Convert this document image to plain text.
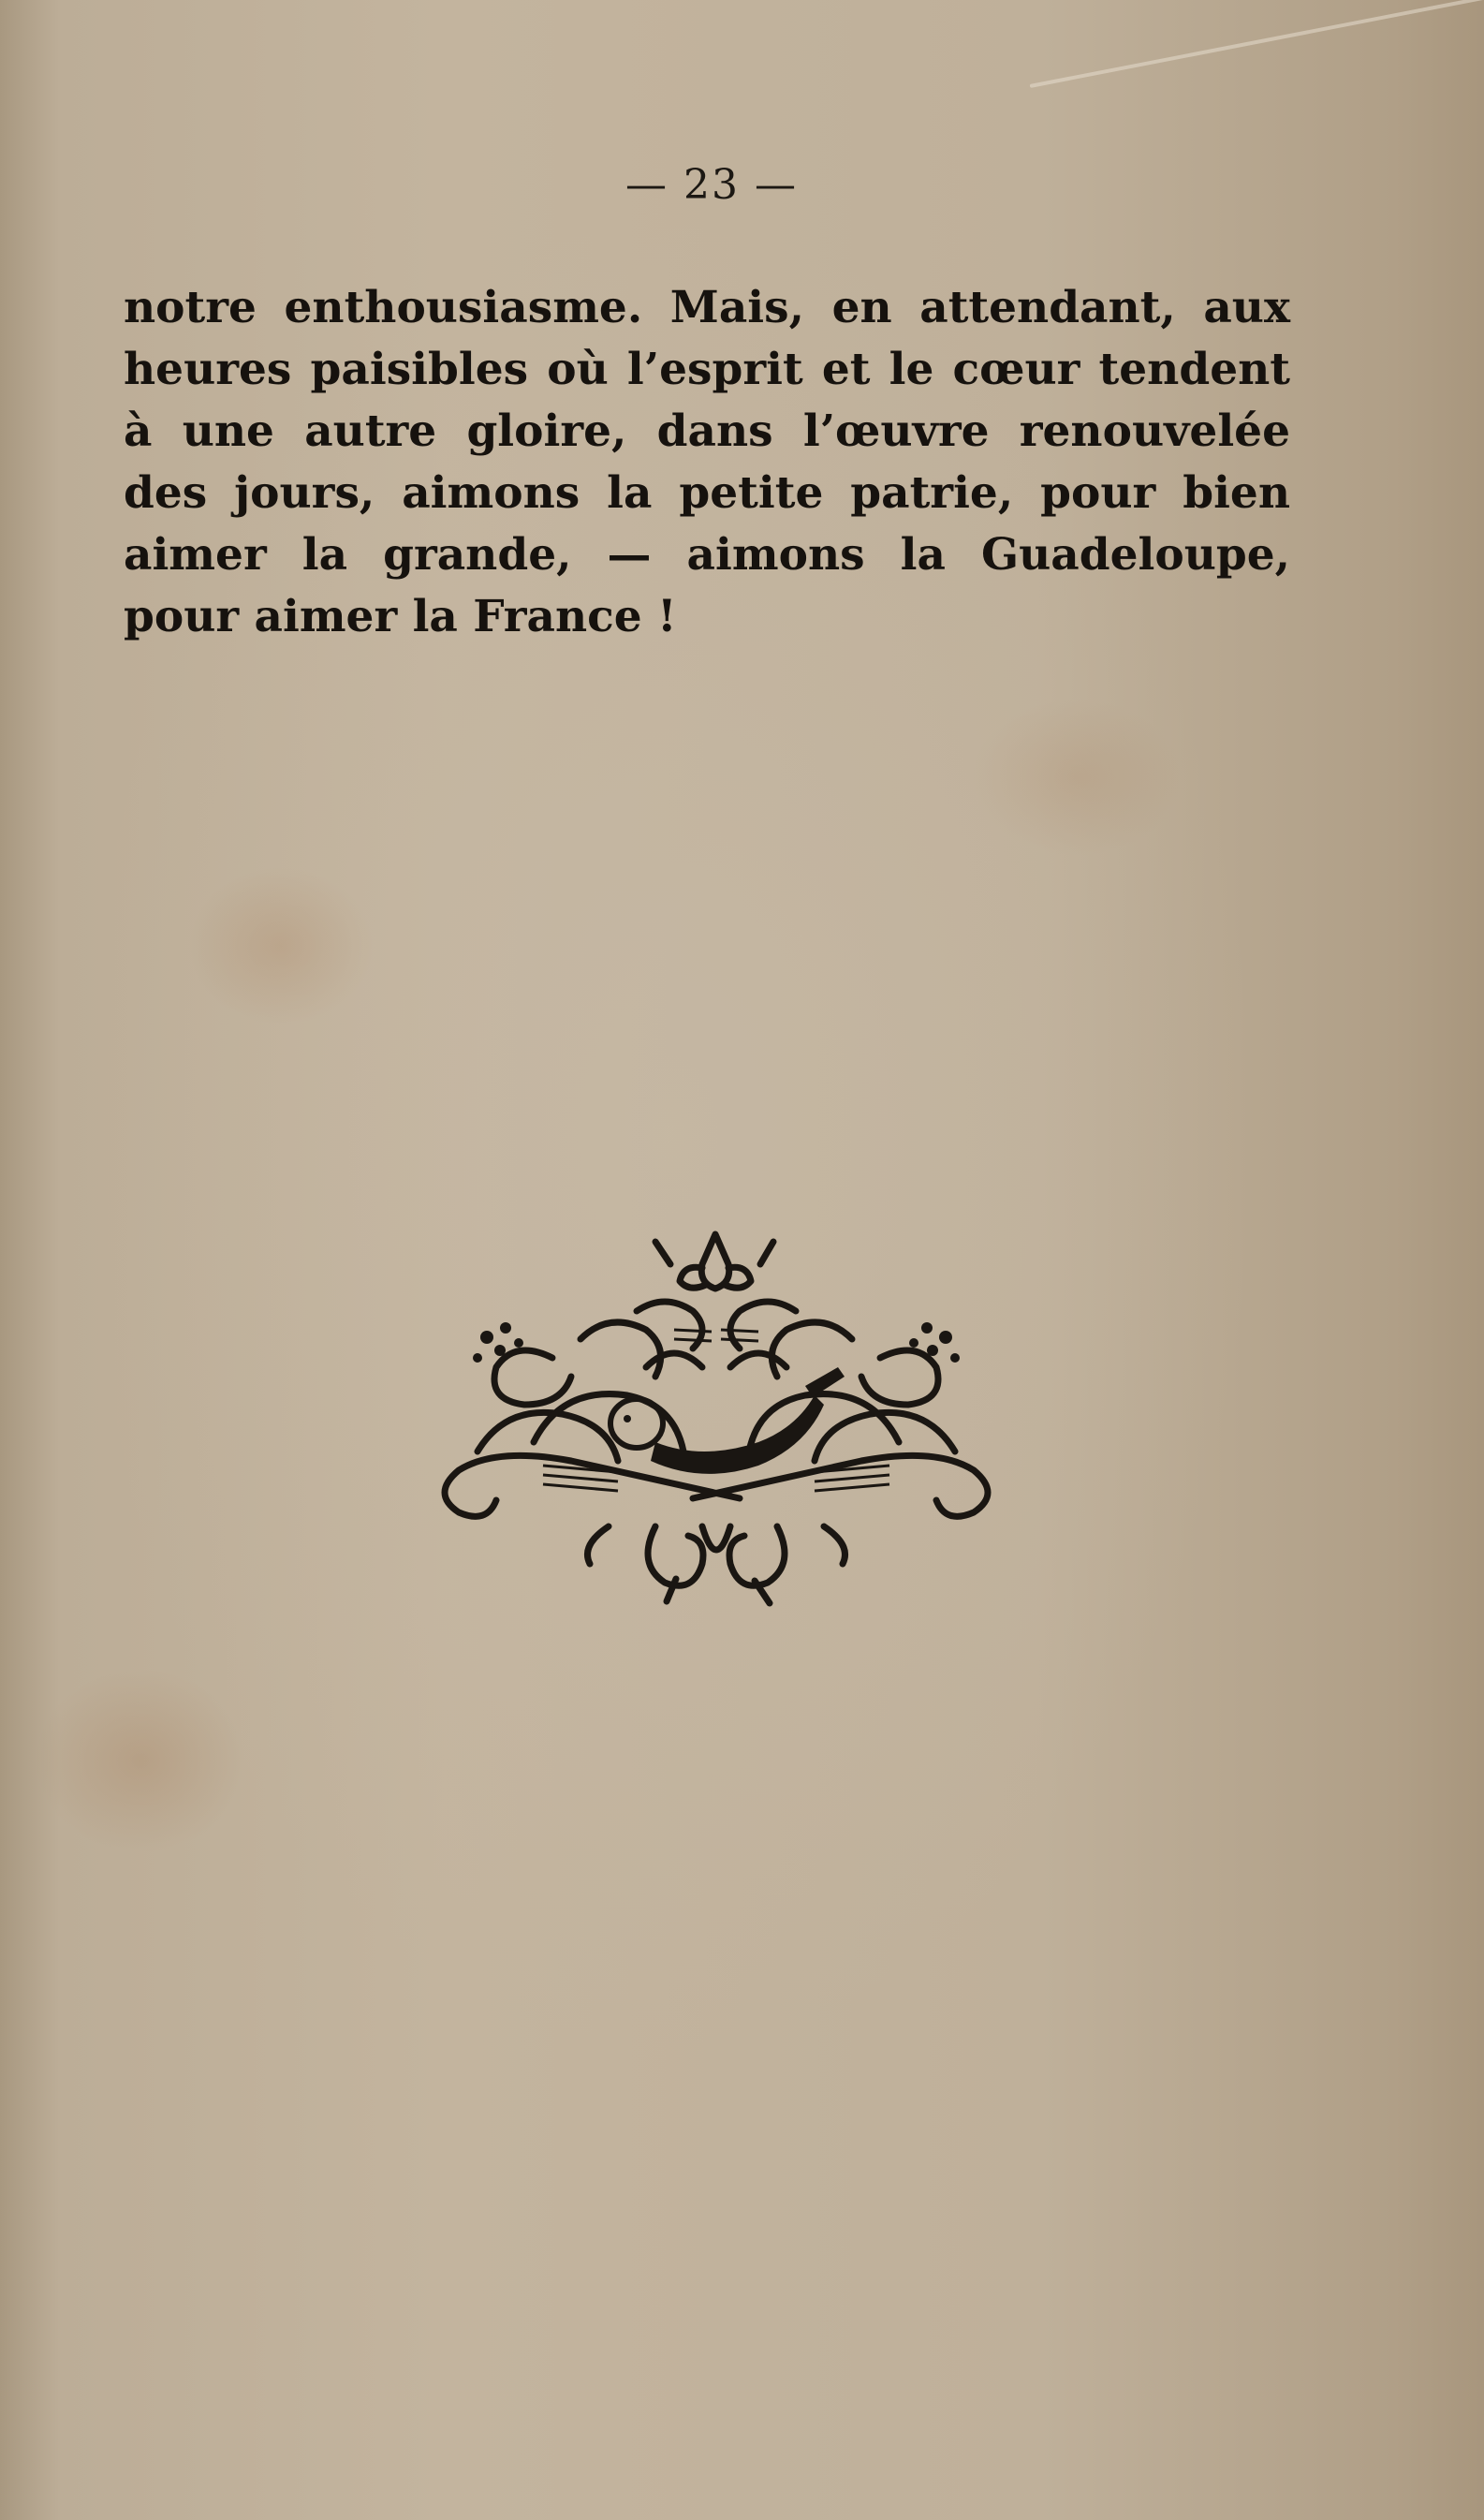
— 23 —
notre enthousiasme. Mais, en attendant, aux
heures paisibles où l’esprit et le cœur tendent
à une autre gloire, dans l’œuvre renouvelée
des jours, aimons la petite patrie, pour bien
aimer la grande, — aimons la Guadeloupe,
pour aimer la France !
